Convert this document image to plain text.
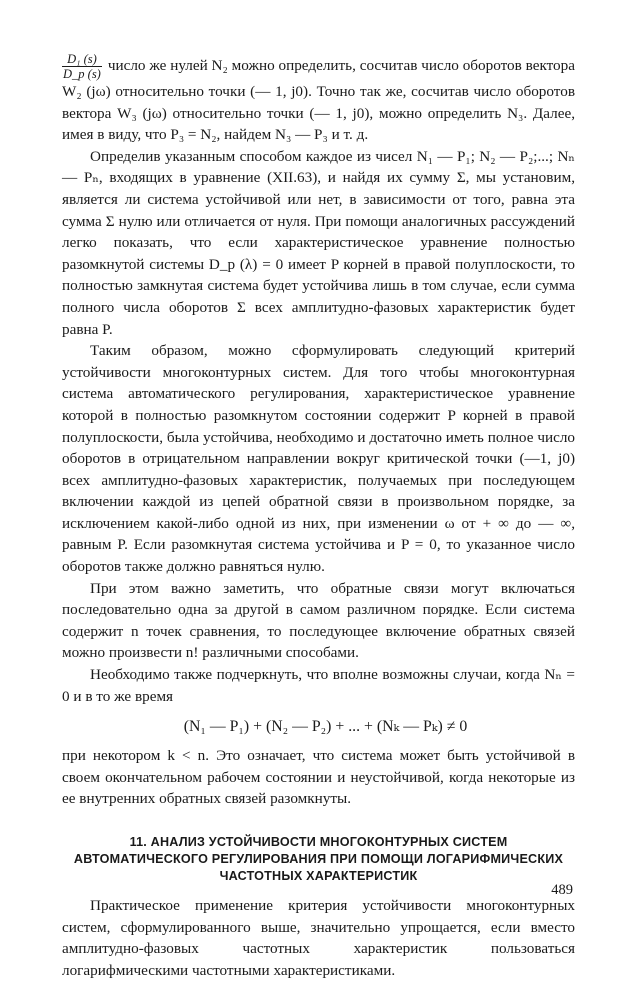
$\frac{\text{D₁ (s)}}{D\_p (s)}$ число же нулей N₂ можно определить, сосчитав число оборотов вектора W₂ (jω) относительно точки (— 1, j0). Точно так же, сосчитав число оборотов вектора W₃ (jω) относительно точки (— 1, j0), можно определить N₃. Далее, имея в виду, что P₃ = N₂, найдем N₃ — P₃ и т. д.

Определив указанным способом каждое из чисел N₁ — P₁; N₂ — P₂;...; Nₙ — Pₙ, входящих в уравнение (XII.63), и найдя их сумму Σ, мы установим, является ли система устойчивой или нет, в зависимости от того, равна эта сумма Σ нулю или отличается от нуля. При помощи аналогичных рассуждений легко показать, что если характеристическое уравнение полностью разомкнутой системы D_p (λ) = 0 имеет P корней в правой полуплоскости, то полностью замкнутая система будет устойчива лишь в том случае, если сумма полного числа оборотов Σ всех амплитудно-фазовых характеристик будет равна P.

Таким образом, можно сформулировать следующий критерий устойчивости многоконтурных систем. Для того чтобы многоконтурная система автоматического регулирования, характеристическое уравнение которой в полностью разомкнутом состоянии содержит P корней в правой полуплоскости, была устойчива, необходимо и достаточно иметь полное число оборотов в отрицательном направлении вокруг критической точки (—1, j0) всех амплитудно-фазовых характеристик, получаемых при последующем включении каждой из цепей обратной связи в произвольном порядке, за исключением какой-либо одной из них, при изменении ω от + ∞ до — ∞, равным P. Если разомкнутая система устойчива и P = 0, то указанное число оборотов также должно равняться нулю.

При этом важно заметить, что обратные связи могут включаться последовательно одна за другой в самом различном порядке. Если система содержит n точек сравнения, то последующее включение обратных связей можно произвести n! различными способами.

Необходимо также подчеркнуть, что вполне возможны случаи, когда Nₙ = 0 и в то же время

(N₁ — P₁) + (N₂ — P₂) + ... + (Nₖ — Pₖ) ≠ 0

при некотором k < n. Это означает, что система может быть устойчивой в своем окончательном рабочем состоянии и неустойчивой, когда некоторые из ее внутренних обратных связей разомкнуты.

11. АНАЛИЗ УСТОЙЧИВОСТИ МНОГОКОНТУРНЫХ СИСТЕМ АВТОМАТИЧЕСКОГО РЕГУЛИРОВАНИЯ ПРИ ПОМОЩИ ЛОГАРИФМИЧЕСКИХ ЧАСТОТНЫХ ХАРАКТЕРИСТИК

Практическое применение критерия устойчивости многоконтурных систем, сформулированного выше, значительно упрощается, если вместо амплитудно-фазовых частотных характеристик пользоваться логарифмическими частотными характеристиками.

489
